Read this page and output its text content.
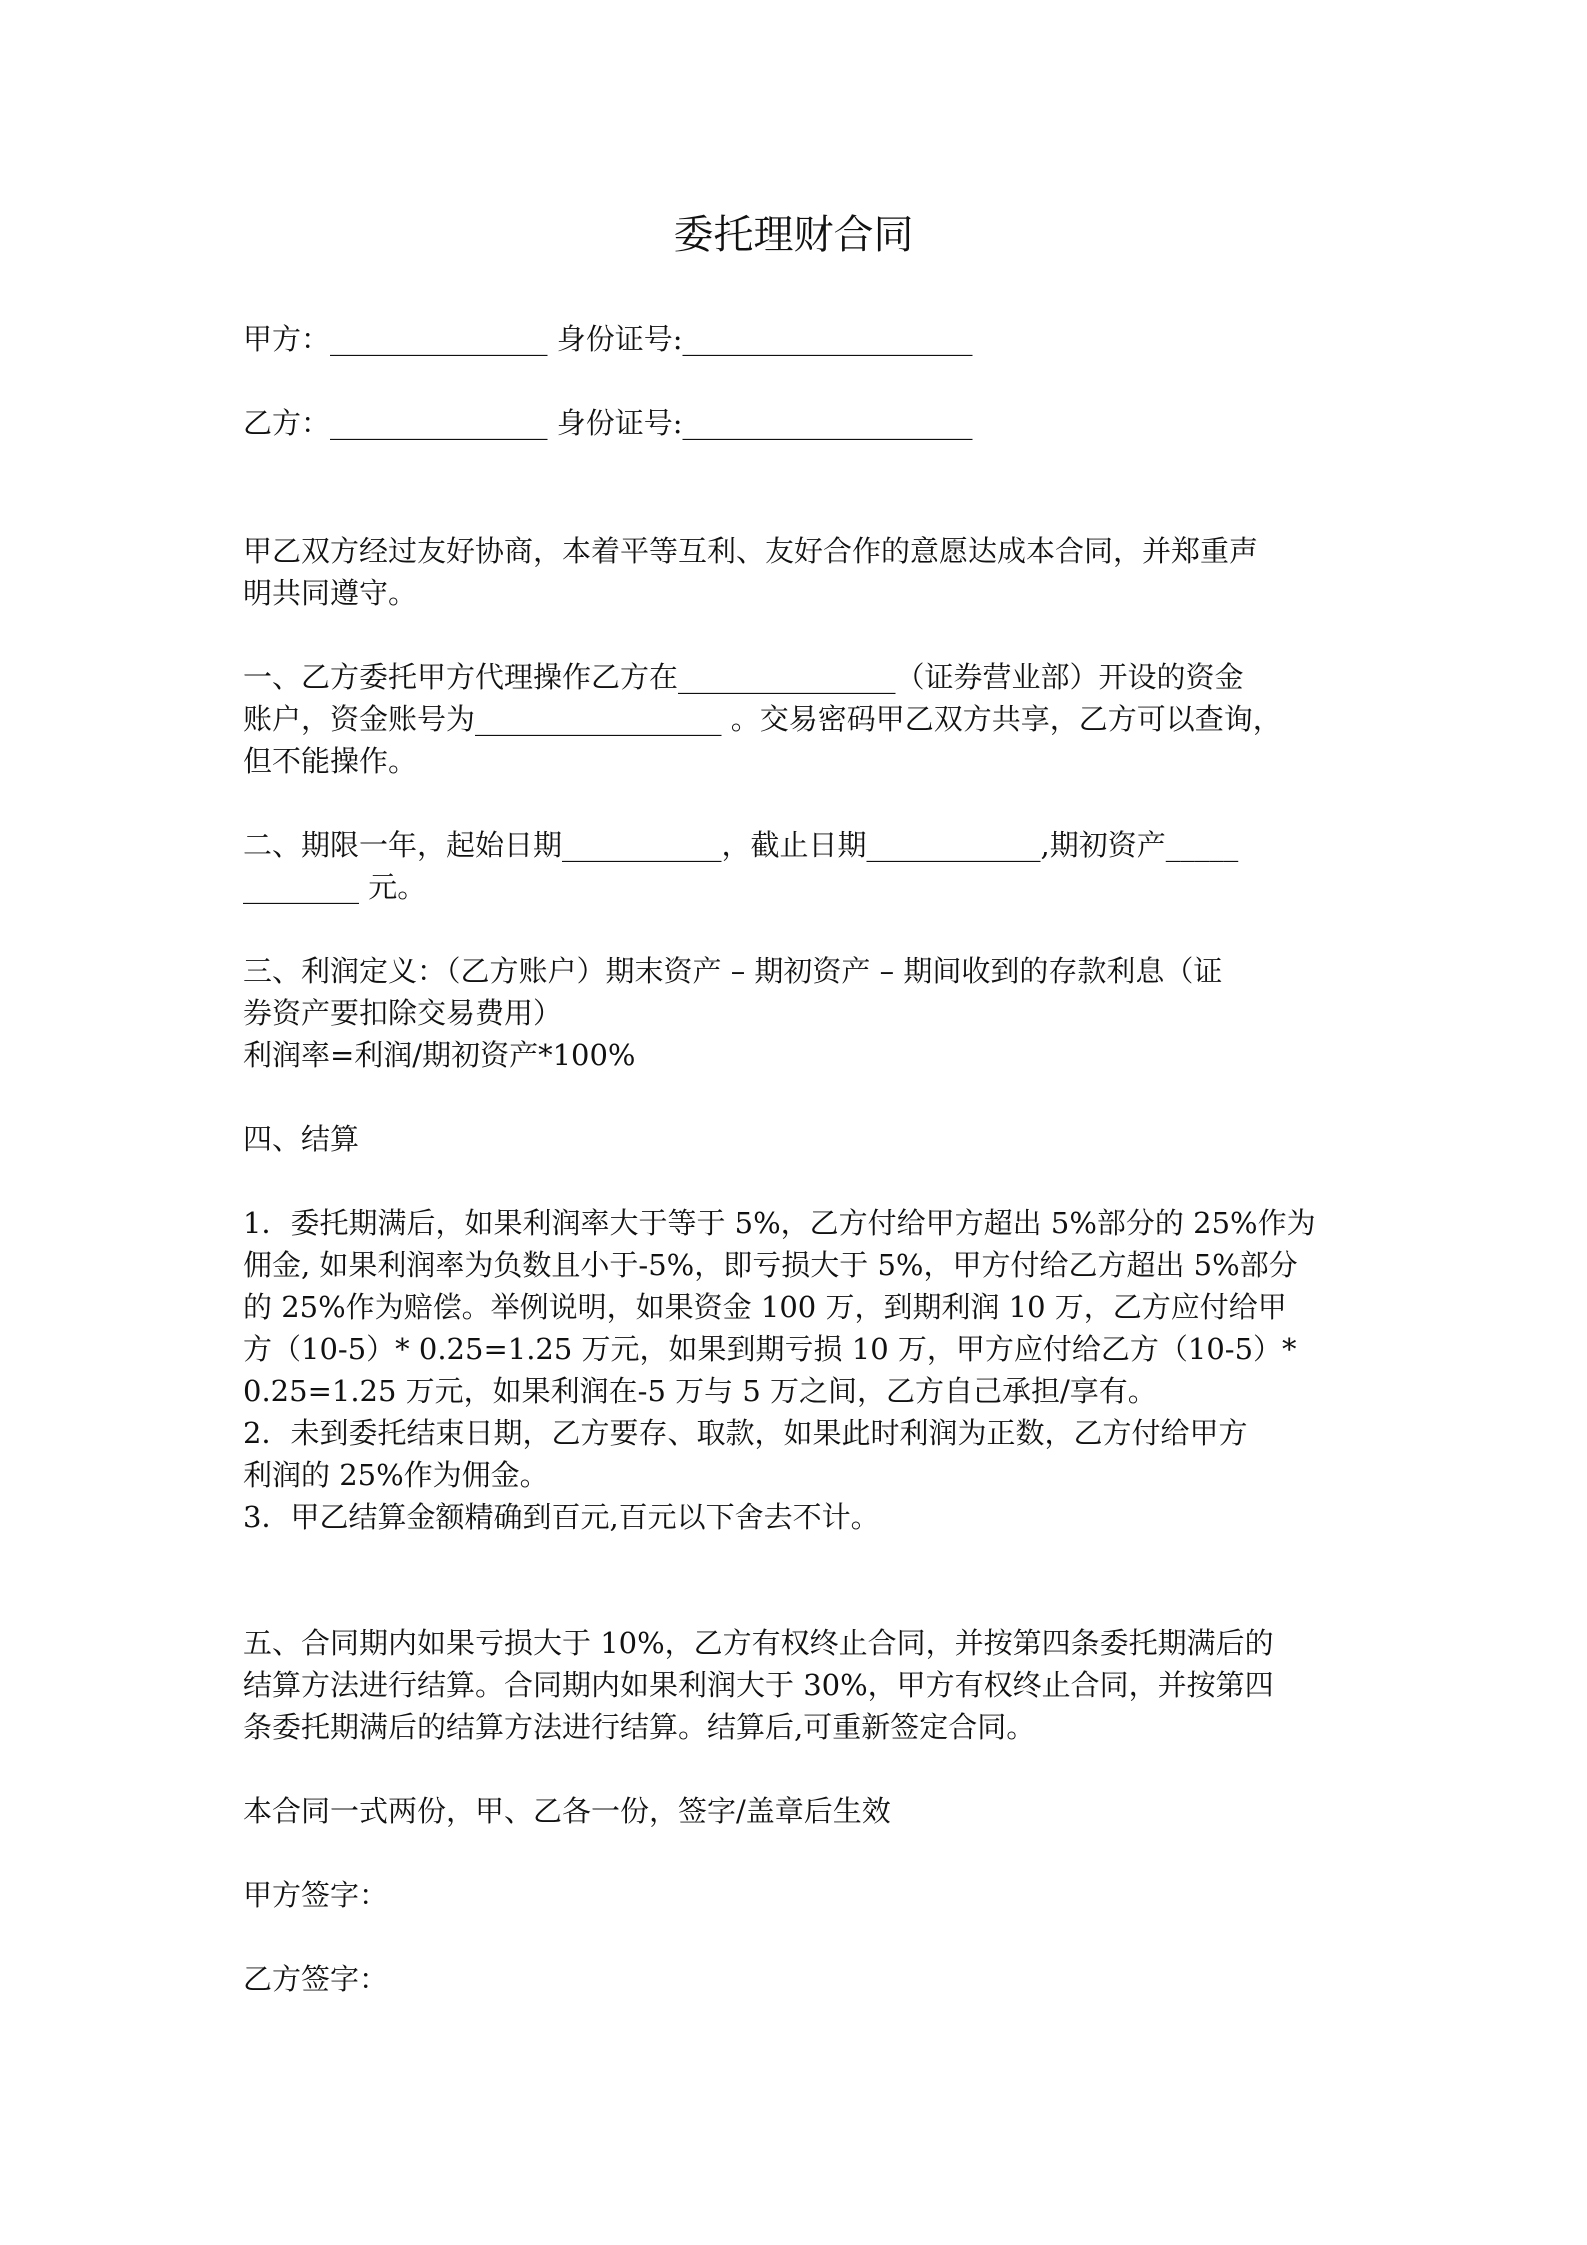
委托理财合同

甲方：_______________ 身份证号:____________________

乙方：_______________ 身份证号:____________________

甲乙双方经过友好协商，本着平等互利、友好合作的意愿达成本合同，并郑重声
明共同遵守。

一、乙方委托甲方代理操作乙方在_______________（证券营业部）开设的资金
账户，资金账号为_________________ 。交易密码甲乙双方共享，乙方可以查询，
但不能操作。

二、期限一年，起始日期___________，截止日期____________,期初资产_____
________ 元。

三、利润定义：（乙方账户）期末资产 – 期初资产 – 期间收到的存款利息（证
券资产要扣除交易费用）
利润率=利润/期初资产*100%

四、结算

1．委托期满后，如果利润率大于等于 5%，乙方付给甲方超出 5%部分的 25%作为
佣金, 如果利润率为负数且小于-5%，即亏损大于 5%，甲方付给乙方超出 5%部分
的 25%作为赔偿。举例说明，如果资金 100 万，到期利润 10 万，乙方应付给甲
方（10-5）* 0.25=1.25 万元，如果到期亏损 10 万，甲方应付给乙方（10-5）*
0.25=1.25 万元，如果利润在-5 万与 5 万之间，乙方自己承担/享有。
2．未到委托结束日期，乙方要存、取款，如果此时利润为正数，乙方付给甲方
利润的 25%作为佣金。
3．甲乙结算金额精确到百元,百元以下舍去不计。

五、合同期内如果亏损大于 10%，乙方有权终止合同，并按第四条委托期满后的
结算方法进行结算。合同期内如果利润大于 30%，甲方有权终止合同，并按第四
条委托期满后的结算方法进行结算。结算后,可重新签定合同。

本合同一式两份，甲、乙各一份，签字/盖章后生效

甲方签字：

乙方签字：
